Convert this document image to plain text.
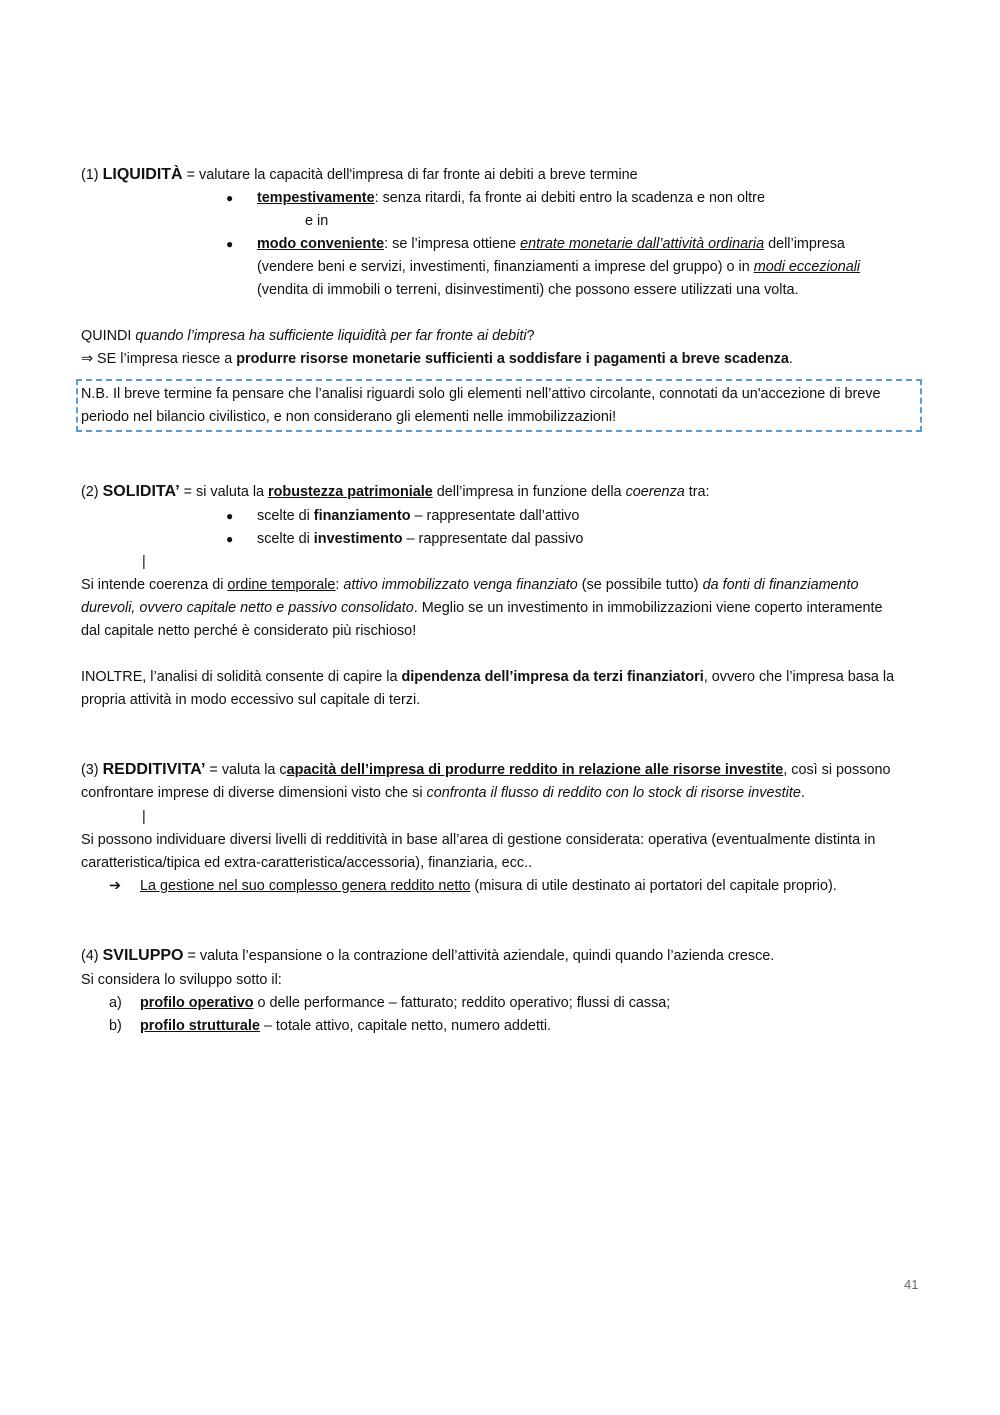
(1) LIQUIDITÀ = valutare la capacità dell'impresa di far fronte ai debiti a breve termine
● tempestivamente: senza ritardi, fa fronte ai debiti entro la scadenza e non oltre
e in
● modo conveniente: se l’impresa ottiene entrate monetarie dall’attività ordinaria dell’impresa
(vendere beni e servizi, investimenti, finanziamenti a imprese del gruppo) o in modi eccezionali
(vendita di immobili o terreni, disinvestimenti) che possono essere utilizzati una volta.
QUINDI quando l’impresa ha sufficiente liquidità per far fronte ai debiti?
⇒ SE l’impresa riesce a produrre risorse monetarie sufficienti a soddisfare i pagamenti a breve scadenza.
N.B. Il breve termine fa pensare che l’analisi riguardi solo gli elementi nell’attivo circolante, connotati da un'accezione di breve
periodo nel bilancio civilistico, e non considerano gli elementi nelle immobilizzazioni!
(2) SOLIDITA’ = si valuta la robustezza patrimoniale dell’impresa in funzione della coerenza tra:
● scelte di finanziamento – rappresentate dall’attivo
● scelte di investimento – rappresentate dal passivo
|
Si intende coerenza di ordine temporale: attivo immobilizzato venga finanziato (se possibile tutto) da fonti di finanziamento
durevoli, ovvero capitale netto e passivo consolidato. Meglio se un investimento in immobilizzazioni viene coperto interamente
dal capitale netto perché è considerato più rischioso!
INOLTRE, l’analisi di solidità consente di capire la dipendenza dell’impresa da terzi finanziatori, ovvero che l’impresa basa la
propria attività in modo eccessivo sul capitale di terzi.
(3) REDDITIVITA’ = valuta la capacità dell’impresa di produrre reddito in relazione alle risorse investite, così si possono
confrontare imprese di diverse dimensioni visto che si confronta il flusso di reddito con lo stock di risorse investite.
|
Si possono individuare diversi livelli di redditività in base all’area di gestione considerata: operativa (eventualmente distinta in
caratteristica/tipica ed extra-caratteristica/accessoria), finanziaria, ecc..
➔ La gestione nel suo complesso genera reddito netto (misura di utile destinato ai portatori del capitale proprio).
(4) SVILUPPO = valuta l’espansione o la contrazione dell’attività aziendale, quindi quando l’azienda cresce.
Si considera lo sviluppo sotto il:
a) profilo operativo o delle performance – fatturato; reddito operativo; flussi di cassa;
b) profilo strutturale – totale attivo, capitale netto, numero addetti.
41
